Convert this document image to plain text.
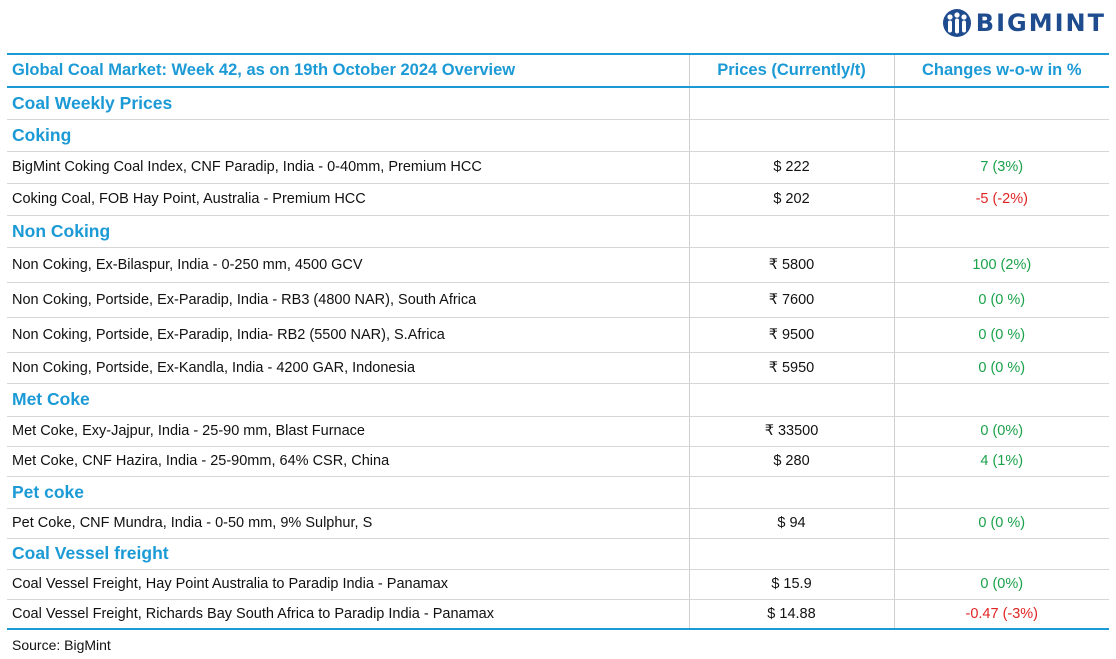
BIGMINT
Global Coal Market: Week 42, as on 19th October 2024 Overview	Prices (Currently/t)	Changes w-o-w in %
Coal Weekly Prices		
Coking		
BigMint Coking Coal Index, CNF Paradip, India - 0-40mm, Premium HCC	$ 222	7 (3%)
Coking Coal, FOB Hay Point, Australia - Premium HCC	$ 202	-5 (-2%)
Non Coking		
Non Coking, Ex-Bilaspur, India - 0-250 mm, 4500 GCV	₹ 5800	100 (2%)
Non Coking, Portside, Ex-Paradip, India - RB3 (4800 NAR), South Africa	₹ 7600	0 (0 %)
Non Coking, Portside, Ex-Paradip, India- RB2 (5500 NAR), S.Africa	₹ 9500	0 (0 %)
Non Coking, Portside, Ex-Kandla, India - 4200 GAR, Indonesia	₹ 5950	0 (0 %)
Met Coke		
Met Coke, Exy-Jajpur, India - 25-90 mm, Blast Furnace	₹ 33500	0 (0%)
Met Coke, CNF Hazira, India - 25-90mm, 64% CSR, China	$ 280	4 (1%)
Pet coke		
Pet Coke, CNF Mundra, India - 0-50 mm, 9% Sulphur, S	$ 94	0 (0 %)
Coal Vessel freight		
Coal Vessel Freight, Hay Point Australia to Paradip India - Panamax	$ 15.9	0 (0%)
Coal Vessel Freight, Richards Bay South Africa to Paradip India - Panamax	$ 14.88	-0.47 (-3%)
Source: BigMint
